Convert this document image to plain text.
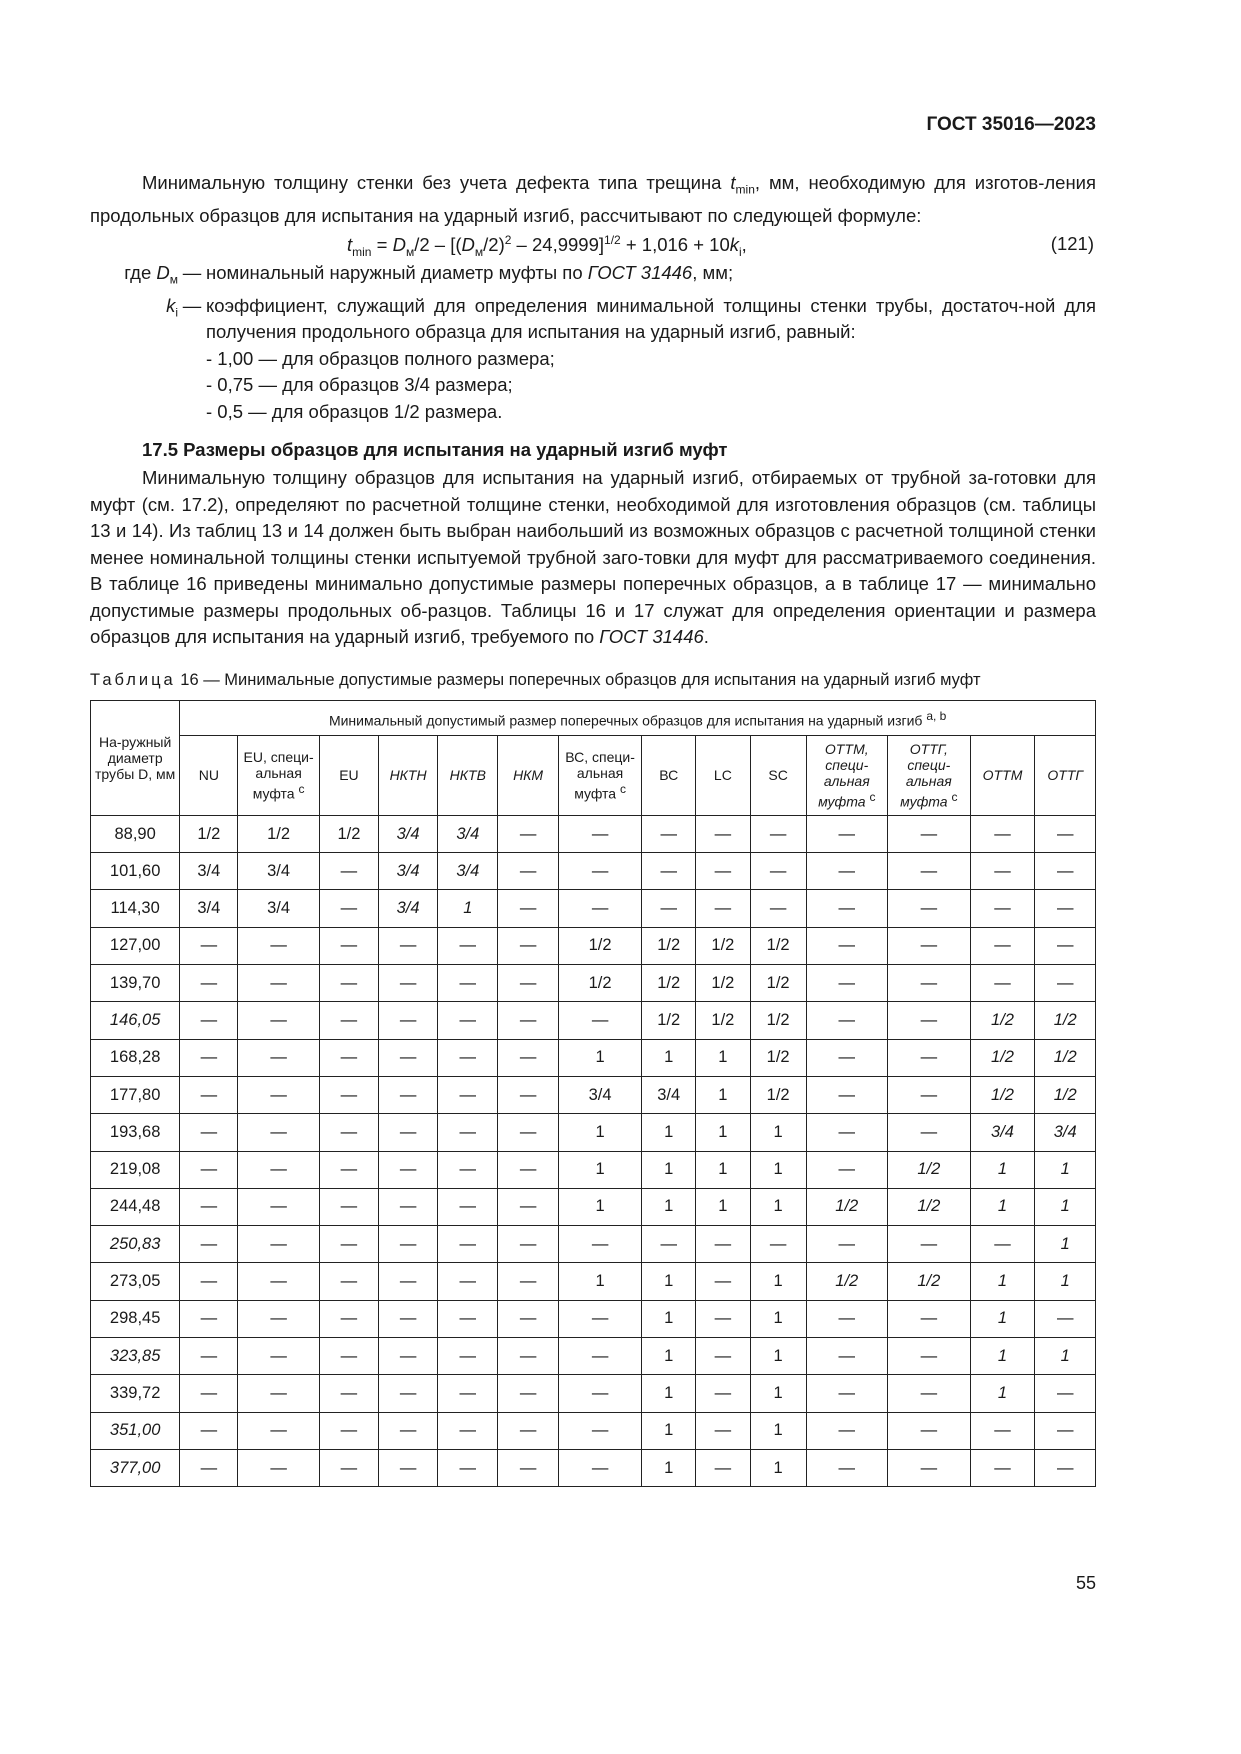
ГОСТ 35016—2023

Минимальную толщину стенки без учета дефекта типа трещина $t_{min}$, мм, необходимую для изготов-ления продольных образцов для испытания на ударный изгиб, рассчитывают по следующей формуле:

$t_{min} = D_м/2 - [(D_м/2)^2 - 24,9999]^{1/2} + 1,016 + 10k_i$,	(121)
где $D_м$ — номинальный наружный диаметр муфты по ГОСТ 31446, мм;
$k_i$ — коэффициент, служащий для определения минимальной толщины стенки трубы, достаточ-ной для получения продольного образца для испытания на ударный изгиб, равный:
- 1,00 — для образцов полного размера;
- 0,75 — для образцов 3/4 размера;
- 0,5 — для образцов 1/2 размера.
17.5 Размеры образцов для испытания на ударный изгиб муфт

Минимальную толщину образцов для испытания на ударный изгиб, отбираемых от трубной за-готовки для муфт (см. 17.2), определяют по расчетной толщине стенки, необходимой для изготовления образцов (см. таблицы 13 и 14). Из таблиц 13 и 14 должен быть выбран наибольший из возможных образцов с расчетной толщиной стенки менее номинальной толщины стенки испытуемой трубной заго-товки для муфт для рассматриваемого соединения. В таблице 16 приведены минимально допустимые размеры поперечных образцов, а в таблице 17 — минимально допустимые размеры продольных об-разцов. Таблицы 16 и 17 служат для определения ориентации и размера образцов для испытания на ударный изгиб, требуемого по ГОСТ 31446.

Таблица 16 — Минимальные допустимые размеры поперечных образцов для испытания на ударный изгиб муфт
На-ружный диаметр трубы D, мм	Минимальный допустимый размер поперечных образцов для испытания на ударный изгиб $^{a, b}$
	NU	EU, специ-альная муфта $^c$	EU	НКТН	НКТВ	НКМ	ВС, специ-альная муфта $^c$	ВС	LC	SC	ОТТМ, специ-альная муфта $^c$	ОТТГ, специ-альная муфта $^c$	ОТТМ	ОТТГ
88,90	1/2	1/2	1/2	3/4	3/4	—	—	—	—	—	—	—	—	—
101,60	3/4	3/4	—	3/4	3/4	—	—	—	—	—	—	—	—	—
114,30	3/4	3/4	—	3/4	1	—	—	—	—	—	—	—	—	—
127,00	—	—	—	—	—	—	1/2	1/2	1/2	1/2	—	—	—	—
139,70	—	—	—	—	—	—	1/2	1/2	1/2	1/2	—	—	—	—
146,05	—	—	—	—	—	—	—	1/2	1/2	1/2	—	—	1/2	1/2
168,28	—	—	—	—	—	—	1	1	1	1/2	—	—	1/2	1/2
177,80	—	—	—	—	—	—	3/4	3/4	1	1/2	—	—	1/2	1/2
193,68	—	—	—	—	—	—	1	1	1	1	—	—	3/4	3/4
219,08	—	—	—	—	—	—	1	1	1	1	—	1/2	1	1
244,48	—	—	—	—	—	—	1	1	1	1	1/2	1/2	1	1
250,83	—	—	—	—	—	—	—	—	—	—	—	—	—	1
273,05	—	—	—	—	—	—	1	1	—	1	1/2	1/2	1	1
298,45	—	—	—	—	—	—	—	1	—	1	—	—	1	—
323,85	—	—	—	—	—	—	—	1	—	1	—	—	1	1
339,72	—	—	—	—	—	—	—	1	—	1	—	—	1	—
351,00	—	—	—	—	—	—	—	1	—	1	—	—	—	—
377,00	—	—	—	—	—	—	—	1	—	1	—	—	—	—
55
